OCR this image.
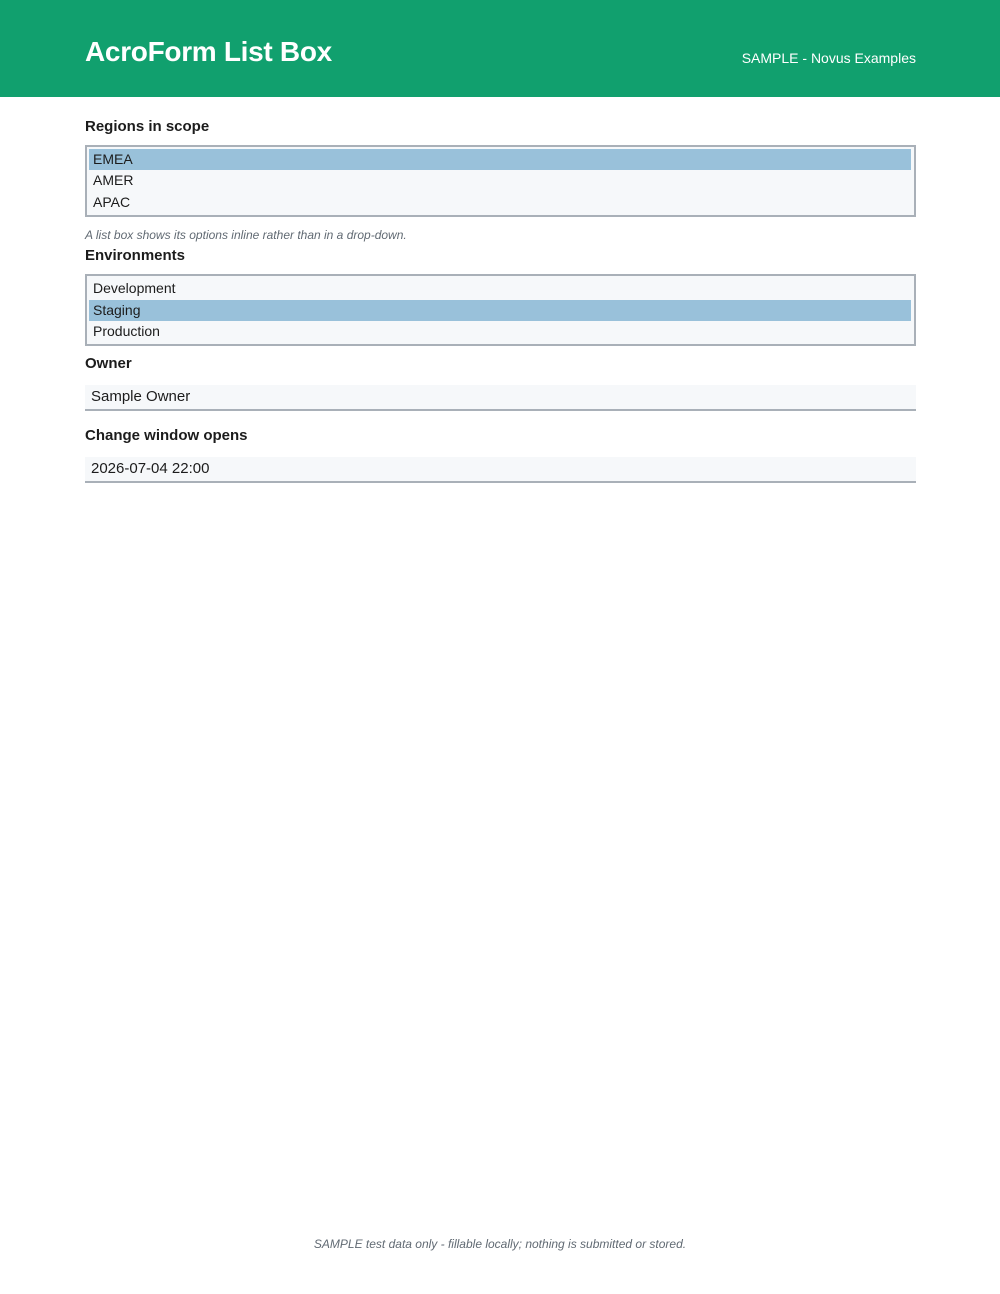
AcroForm List Box	SAMPLE - Novus Examples
Regions in scope
EMEA
AMER
APAC
A list box shows its options inline rather than in a drop-down.
Environments
Development
Staging
Production
Owner
Sample Owner
Change window opens
2026-07-04 22:00
SAMPLE test data only - fillable locally; nothing is submitted or stored.
